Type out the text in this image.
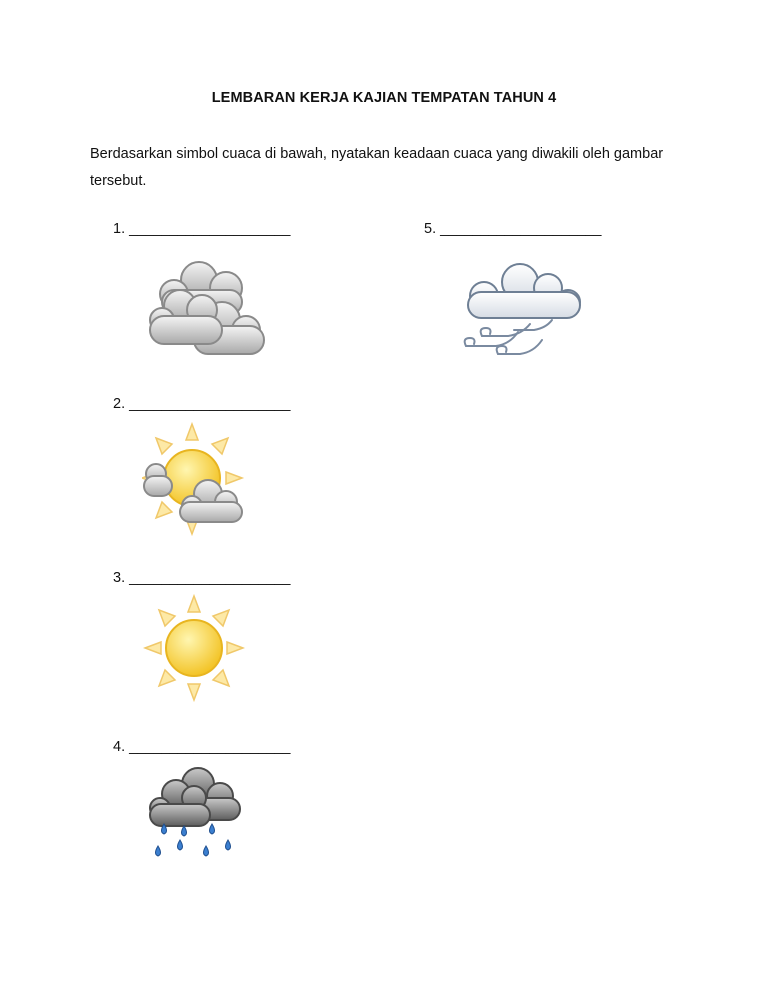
LEMBARAN KERJA KAJIAN TEMPATAN TAHUN 4
Berdasarkan simbol cuaca di bawah, nyatakan keadaan cuaca yang diwakili oleh gambar tersebut.
1. ____________________
2. ____________________
3. ____________________
4. ____________________
5. ____________________
